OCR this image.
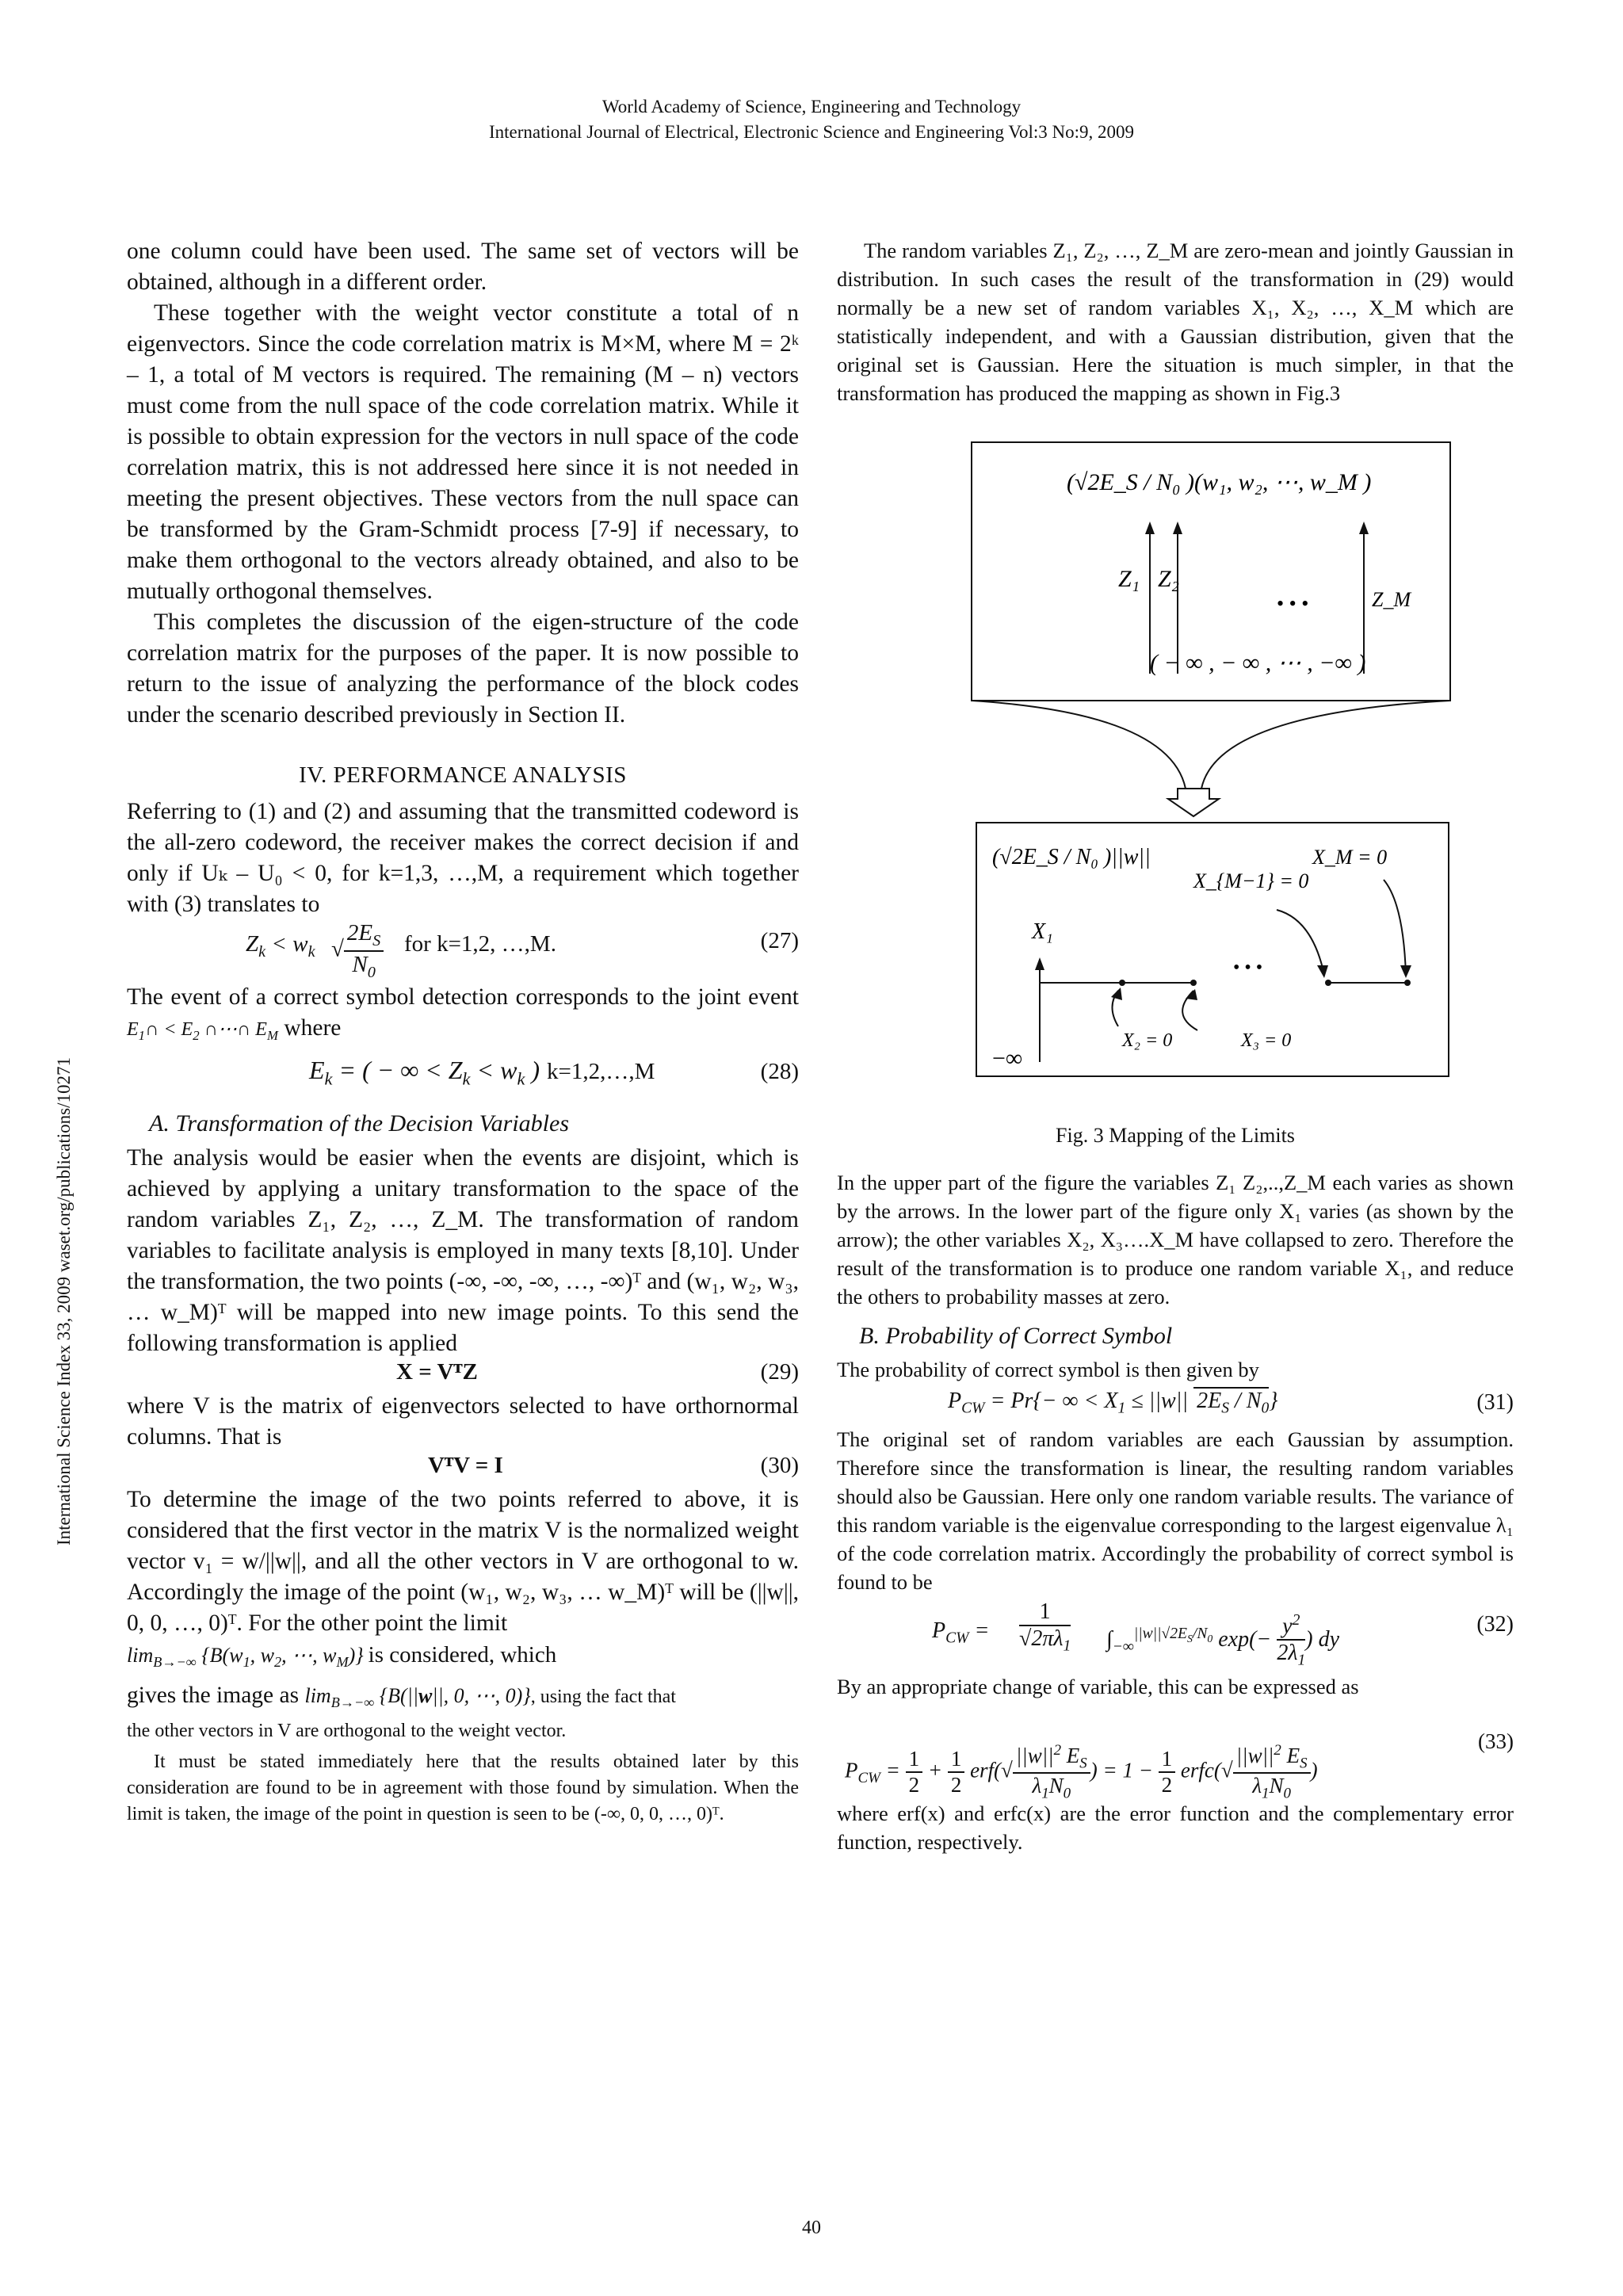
World Academy of Science, Engineering and Technology
International Journal of Electrical, Electronic Science and Engineering Vol:3 No:9, 2009
International Science Index 33, 2009 waset.org/publications/10271

one column could have been used. The same set of vectors will be obtained, although in a different order.

These together with the weight vector constitute a total of n eigenvectors. Since the code correlation matrix is M×M, where M = 2ᵏ – 1, a total of M vectors is required. The remaining (M – n) vectors must come from the null space of the code correlation matrix. While it is possible to obtain expression for the vectors in null space of the code correlation matrix, this is not addressed here since it is not needed in meeting the present objectives. These vectors from the null space can be transformed by the Gram-Schmidt process [7-9] if necessary, to make them orthogonal to the vectors already obtained, and also to be mutually orthogonal themselves.

This completes the discussion of the eigen-structure of the code correlation matrix for the purposes of the paper. It is now possible to return to the issue of analyzing the performance of the block codes under the scenario described previously in Section II.

IV. PERFORMANCE ANALYSIS

Referring to (1) and (2) and assuming that the transmitted codeword is the all-zero codeword, the receiver makes the correct decision if and only if Uₖ – U₀ < 0, for k=1,3, …,M, a requirement which together with (3) translates to

$Z_k < w_k$ √ $\frac{2E_S}{N_0}$ for k=1,2, …,M.	(27)

The event of a correct symbol detection corresponds to the joint event $E_1\cap < E_2$ ∩⋯∩ $E_M$ where

$E_k$ = ( − ∞ < $Z_k < w_k$ ) k=1,2,…,M	(28)
A. Transformation of the Decision Variables

The analysis would be easier when the events are disjoint, which is achieved by applying a unitary transformation to the space of the random variables Z₁, Z₂, …, Z_M. The transformation of random variables to facilitate analysis is employed in many texts [8,10]. Under the transformation, the two points (-∞, -∞, -∞, …, -∞)ᵀ and (w₁, w₂, w₃, … w_M)ᵀ will be mapped into new image points. To this send the following transformation is applied

X = VᵀZ	(29)

where V is the matrix of eigenvectors selected to have orthornormal columns. That is

VᵀV = I	(30)

To determine the image of the two points referred to above, it is considered that the first vector in the matrix V is the normalized weight vector v₁ = w/||w||, and all the other vectors in V are orthogonal to w. Accordingly the image of the point (w₁, w₂, w₃, … w_M)ᵀ will be (||w||, 0, 0, …, 0)ᵀ. For the other point the limit

$\lim_{B\to-\infty} \{B(w_1$, $w_2$, ⋯, $w_M$)} is considered, which

gives the image as $\lim_{B\to-\infty} \{B(||w||$, 0, ⋯, 0)}, using the fact that

the other vectors in V are orthogonal to the weight vector.

It must be stated immediately here that the results obtained later by this consideration are found to be in agreement with those found by simulation. When the limit is taken, the image of the point in question is seen to be (-∞, 0, 0, …, 0)ᵀ.

The random variables Z₁, Z₂, …, Z_M are zero-mean and jointly Gaussian in distribution. In such cases the result of the transformation in (29) would normally be a new set of random variables X₁, X₂, …, X_M which are statistically independent, and with a Gaussian distribution, given that the original set is Gaussian. Here the situation is much simpler, in that the transformation has produced the mapping as shown in Fig.3

(√2E_S / N₀ )(w₁, w₂, ⋯, w_M )
Z₁ Z₂
• • •	Z_M
( − ∞ , − ∞ , ⋯ , −∞ )
(√2E_S / N₀ )||w||
X_{M−1} = 0
X_M = 0
X₁
• • •
−∞
X₂ = 0	X₃ = 0
Fig. 3 Mapping of the Limits

In the upper part of the figure the variables Z₁ Z₂,..,Z_M each varies as shown by the arrows. In the lower part of the figure only X₁ varies (as shown by the arrow); the other variables X₂, X₃….X_M have collapsed to zero. Therefore the result of the transformation is to produce one random variable X₁, and reduce the others to probability masses at zero.

B. Probability of Correct Symbol

The probability of correct symbol is then given by

$P_{CW} = Pr\{-$ ∞ < $X_1 \le ||w||$ $2E_S / N_0$}	(31)

The original set of random variables are each Gaussian by assumption. Therefore since the transformation is linear, the resulting random variables should also be Gaussian. Here only one random variable results. The variance of this random variable is the eigenvalue corresponding to the largest eigenvalue λ₁ of the code correlation matrix. Accordingly the probability of correct symbol is found to be

$P_{CW} = \frac{1}{√2\pi\lambda_1} \int_{-\infty}^{||w||√2E_S/N_0}$ $\exp(- \frac{y^2}{2\lambda_1}$ ) dy
(32)

By an appropriate change of variable, this can be expressed as

$P_{CW} = \frac{1}{2} + \frac{1}{2} erf(√ \frac{||w||^2 E_S}{\lambda_1N_0}$ ) = $1 - \frac{1}{2}$ erfc(√ $\frac{||w||^2 E_S}{\lambda_1N_0}$ )
(33)

where erf(x) and erfc(x) are the error function and the complementary error function, respectively.

40
